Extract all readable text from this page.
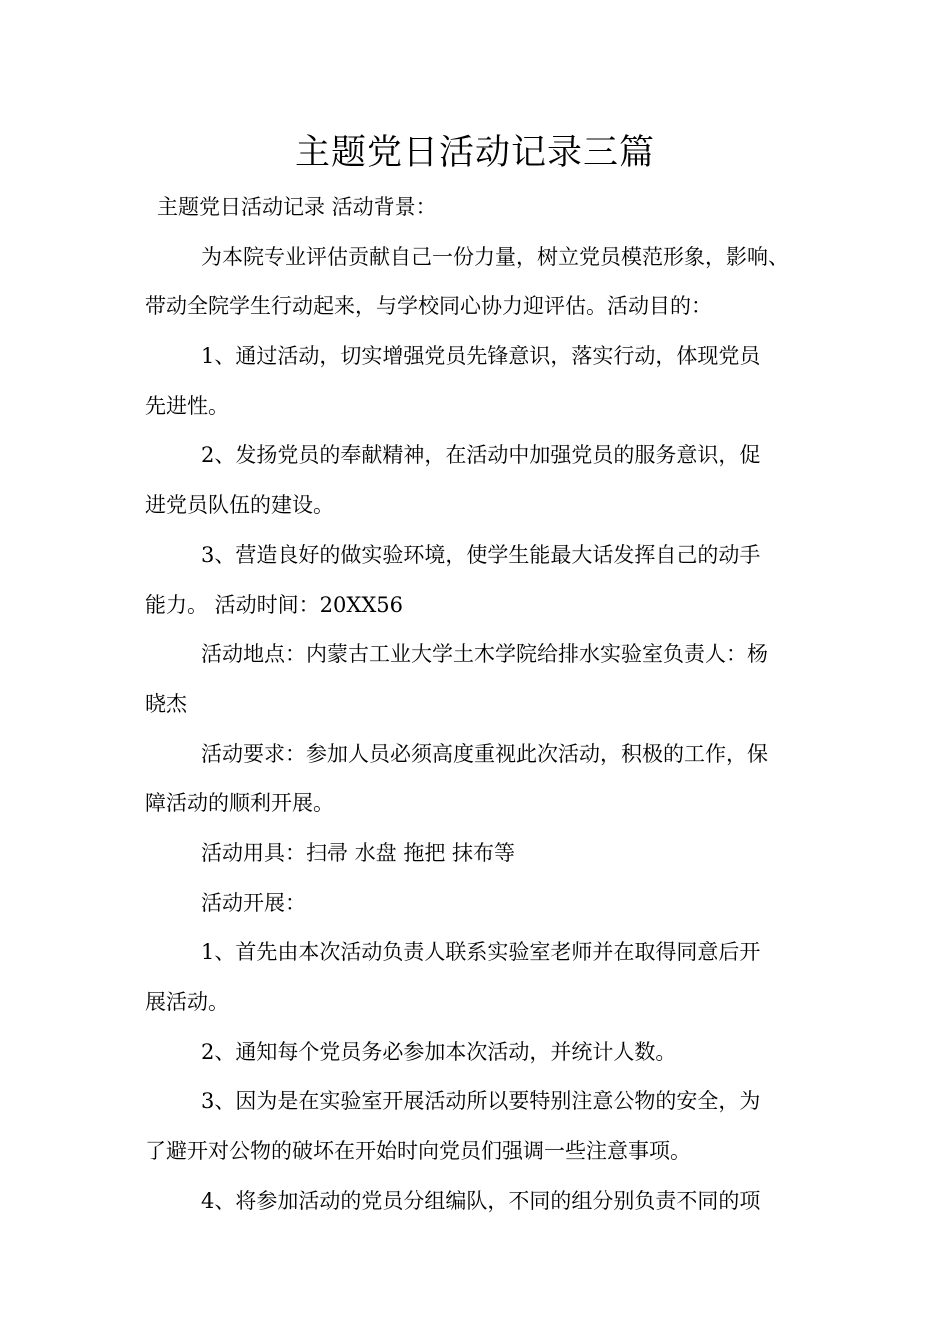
主题党日活动记录三篇
主题党日活动记录 活动背景：
为本院专业评估贡献自己一份力量，树立党员模范形象，影响、
带动全院学生行动起来，与学校同心协力迎评估。活动目的：
1、通过活动，切实增强党员先锋意识，落实行动，体现党员
先进性。
2、发扬党员的奉献精神，在活动中加强党员的服务意识，促
进党员队伍的建设。
3、营造良好的做实验环境，使学生能最大话发挥自己的动手
能力。 活动时间：20XX56
活动地点：内蒙古工业大学土木学院给排水实验室负责人：杨
晓杰
活动要求：参加人员必须高度重视此次活动，积极的工作，保
障活动的顺利开展。
活动用具：扫帚 水盘 拖把 抹布等
活动开展：
1、首先由本次活动负责人联系实验室老师并在取得同意后开
展活动。
2、通知每个党员务必参加本次活动，并统计人数。
3、因为是在实验室开展活动所以要特别注意公物的安全，为
了避开对公物的破坏在开始时向党员们强调一些注意事项。
4、将参加活动的党员分组编队，不同的组分别负责不同的项
